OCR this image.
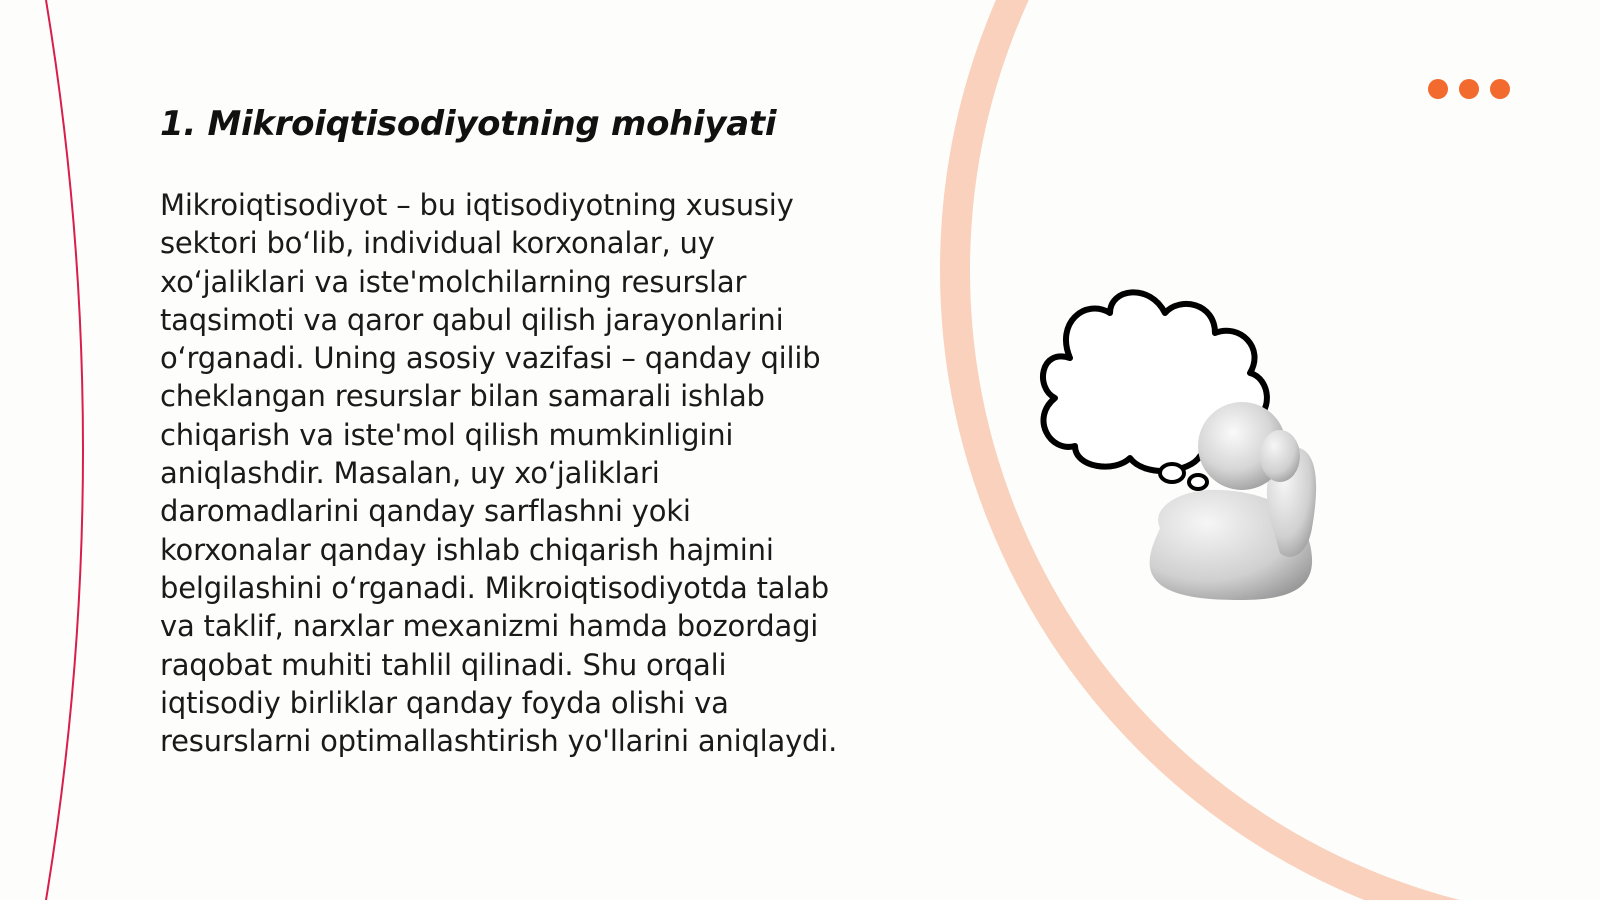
1. Mikroiqtisodiyotning mohiyati

Mikroiqtisodiyot – bu iqtisodiyotning xususiy sektori bo‘lib, individual korxonalar, uy xo‘jaliklari va iste'molchilarning resurslar taqsimoti va qaror qabul qilish jarayonlarini o‘rganadi. Uning asosiy vazifasi – qanday qilib cheklangan resurslar bilan samarali ishlab chiqarish va iste'mol qilish mumkinligini aniqlashdir. Masalan, uy xo‘jaliklari daromadlarini qanday sarflashni yoki korxonalar qanday ishlab chiqarish hajmini belgilashini o‘rganadi. Mikroiqtisodiyotda talab va taklif, narxlar mexanizmi hamda bozordagi raqobat muhiti tahlil qilinadi. Shu orqali iqtisodiy birliklar qanday foyda olishi va resurslarni optimallashtirish yo'llarini aniqlaydi.
